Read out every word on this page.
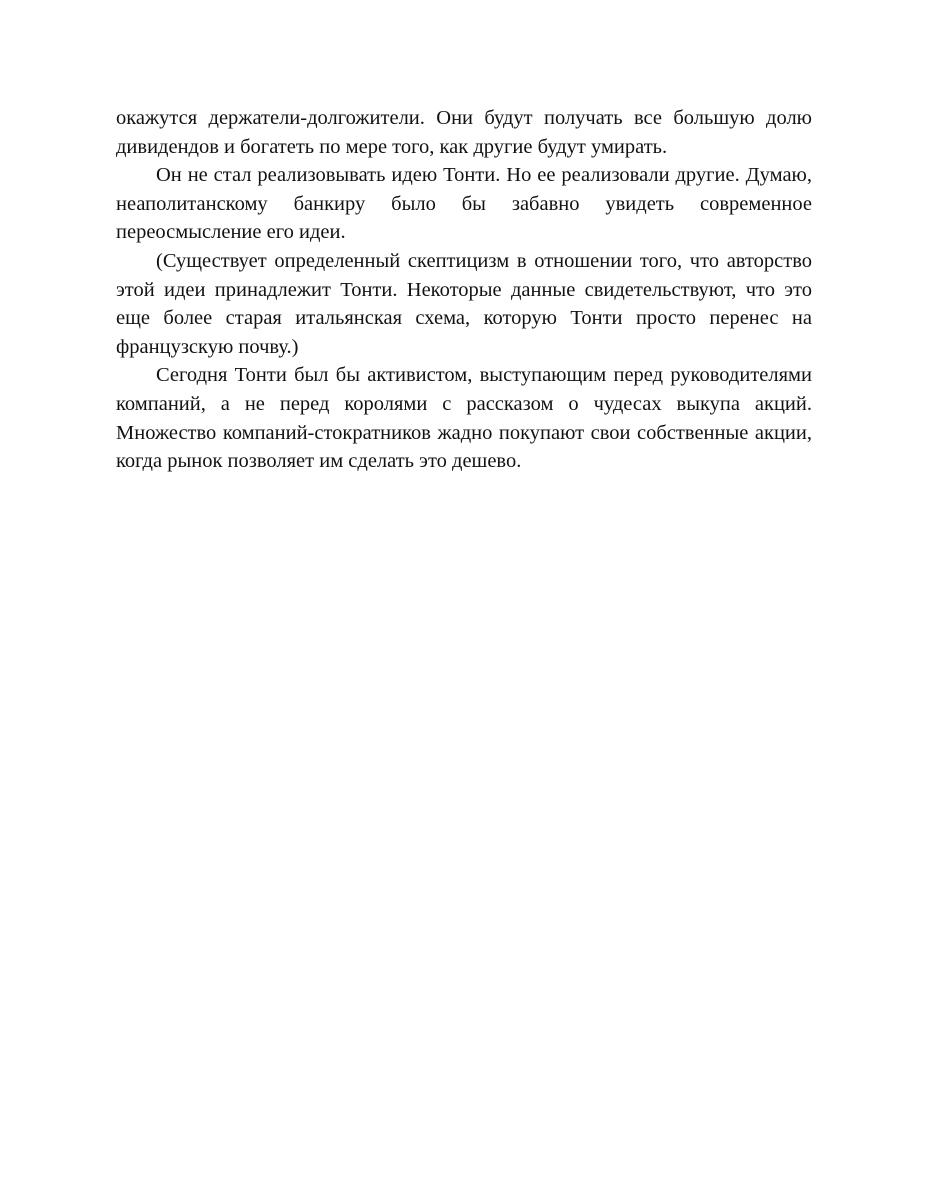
окажутся держатели-долгожители. Они будут получать все большую долю дивидендов и богатеть по мере того, как другие будут умирать.

Он не стал реализовывать идею Тонти. Но ее реализовали другие. Думаю, неаполитанскому банкиру было бы забавно увидеть современное переосмысление его идеи.

(Существует определенный скептицизм в отношении того, что авторство этой идеи принадлежит Тонти. Некоторые данные свидетельствуют, что это еще более старая итальянская схема, которую Тонти просто перенес на французскую почву.)

Сегодня Тонти был бы активистом, выступающим перед руководителями компаний, а не перед королями с рассказом о чудесах выкупа акций. Множество компаний-стократников жадно покупают свои собственные акции, когда рынок позволяет им сделать это дешево.
